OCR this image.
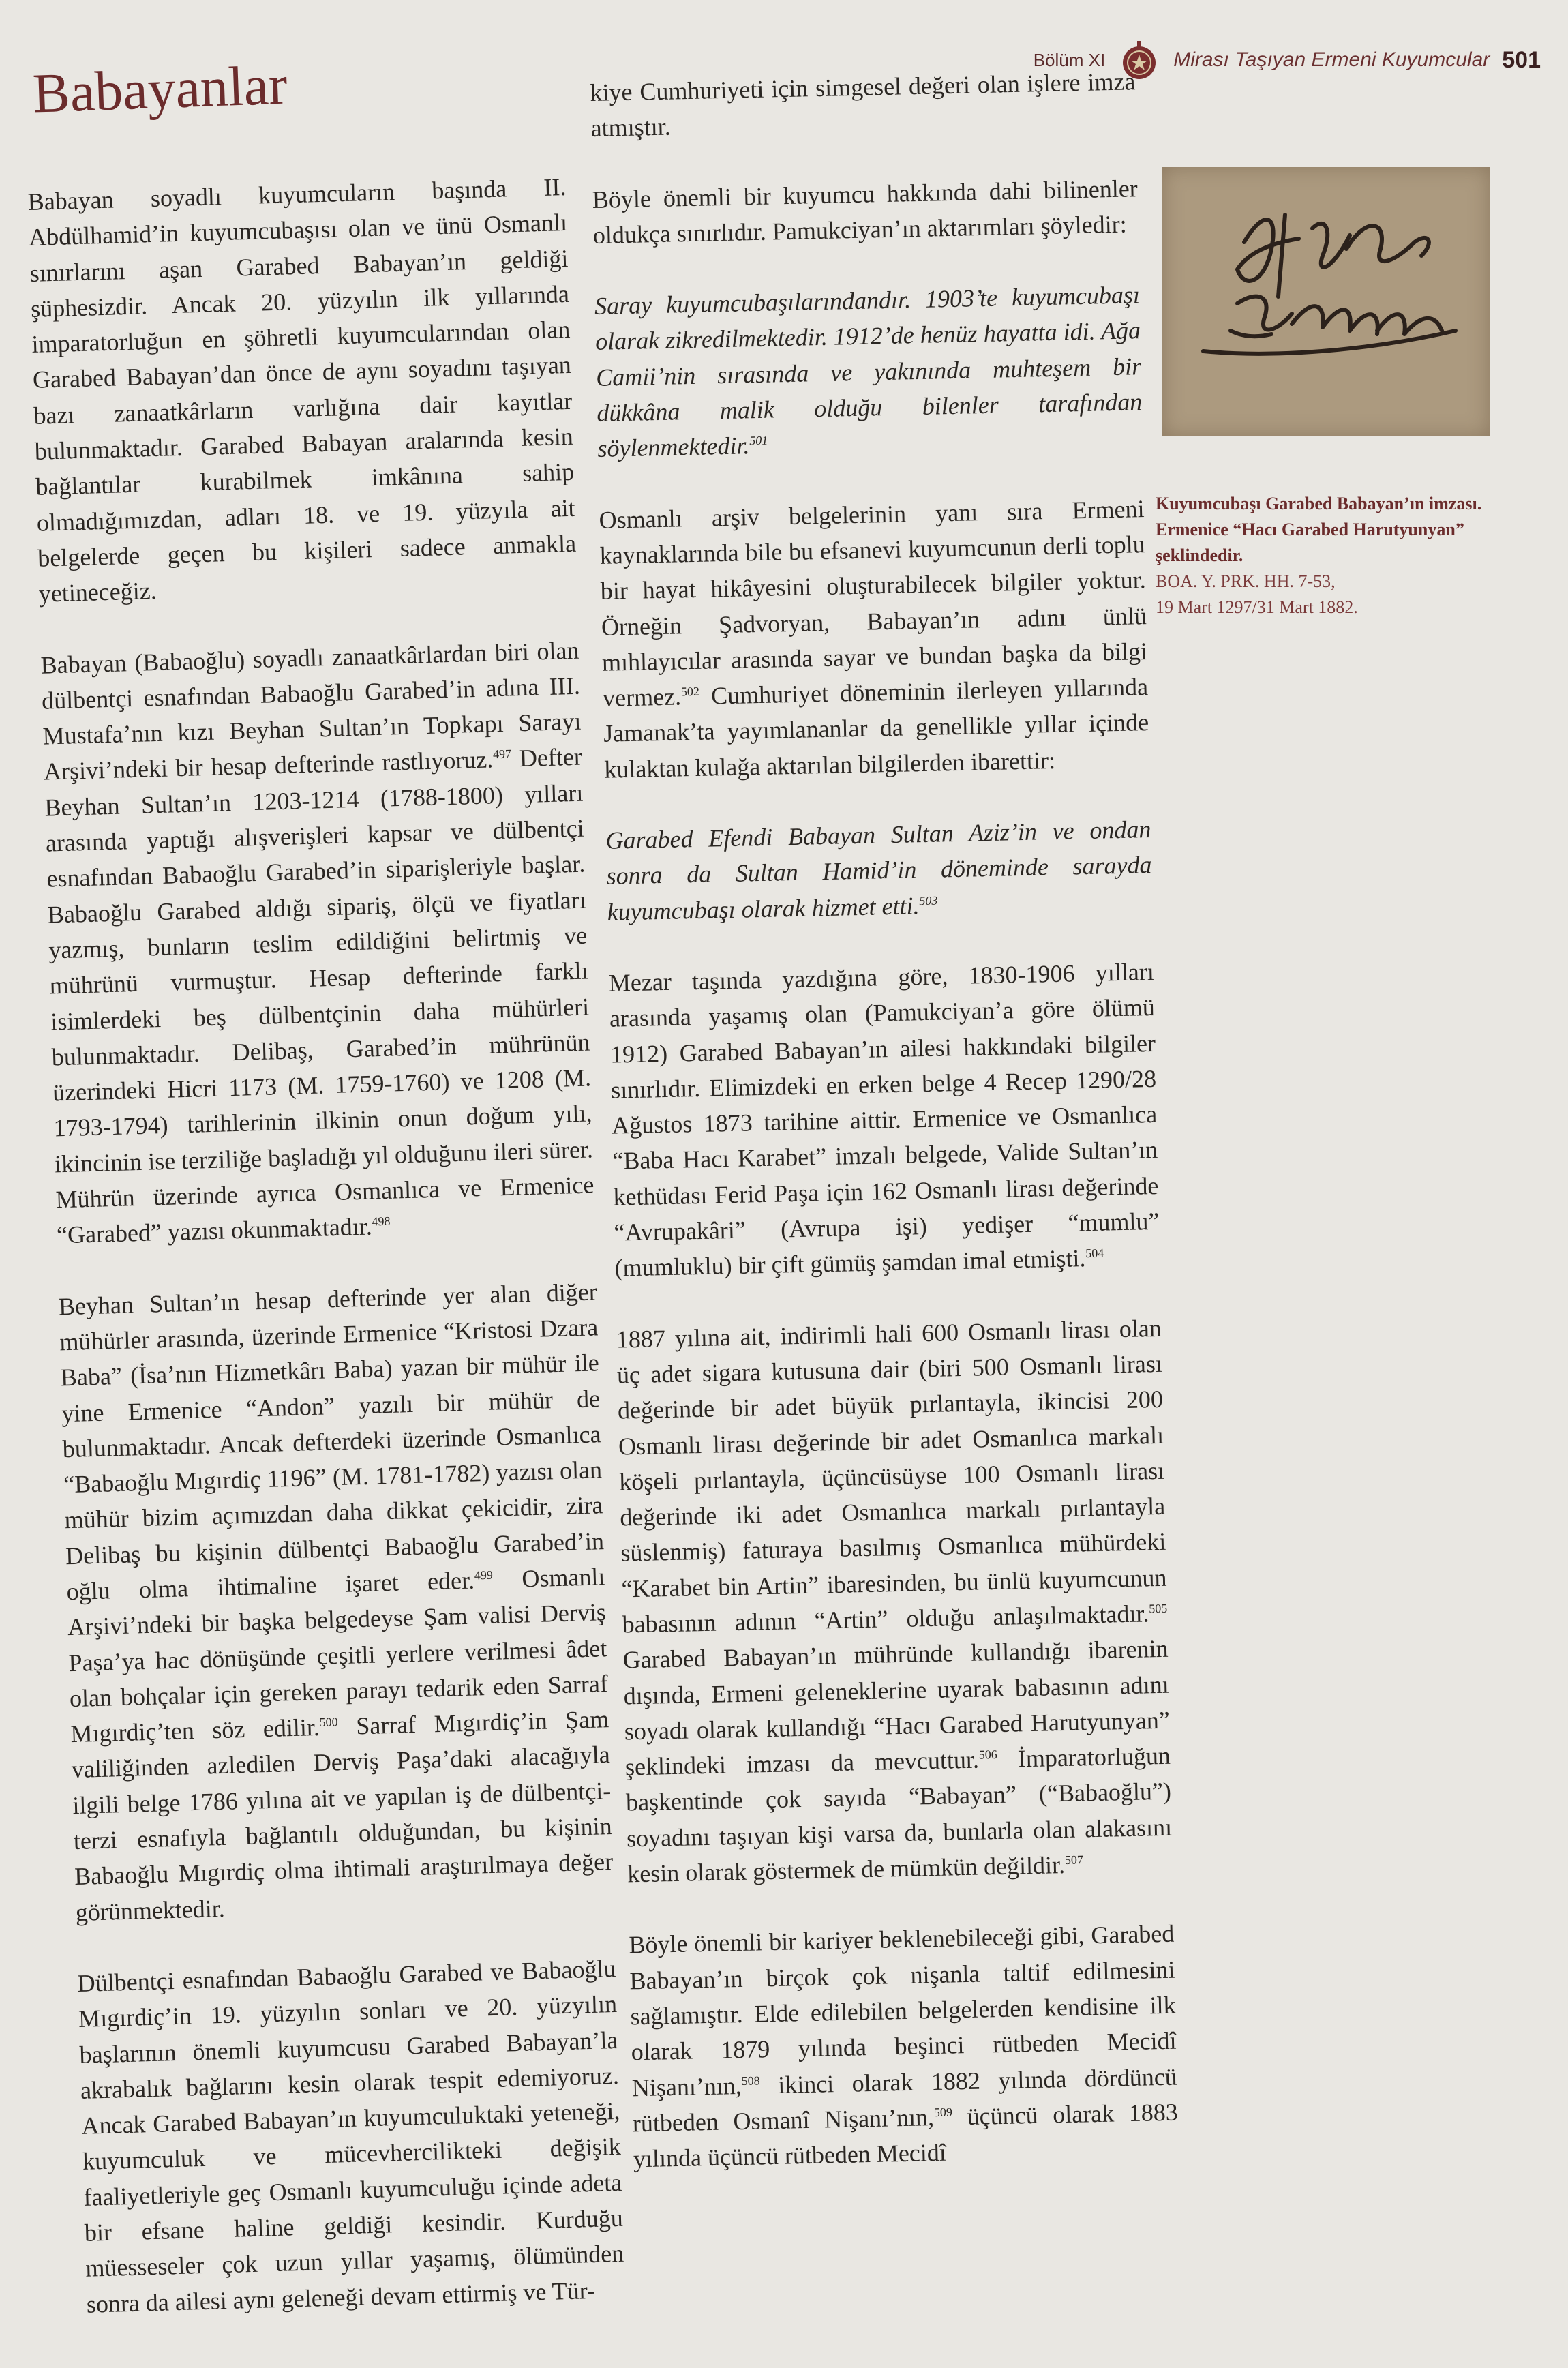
Bölüm XI	Mirası Taşıyan Ermeni Kuyumcular 501
Babayanlar

Babayan soyadlı kuyumcuların başında II. Abdülhamid’in kuyumcubaşısı olan ve ünü Osmanlı sınırlarını aşan Garabed Babayan’ın geldiği şüphesizdir. Ancak 20. yüzyılın ilk yıllarında imparatorluğun en şöhretli kuyumcularından olan Garabed Babayan’dan önce de aynı soyadını taşıyan bazı zanaatkârların varlığına dair kayıtlar bulunmaktadır. Garabed Babayan aralarında kesin bağlantılar kurabilmek imkânına sahip olmadığımızdan, adları 18. ve 19. yüzyıla ait belgelerde geçen bu kişileri sadece anmakla yetineceğiz.

Babayan (Babaoğlu) soyadlı zanaatkârlardan biri olan dülbentçi esnafından Babaoğlu Garabed’in adına III. Mustafa’nın kızı Beyhan Sultan’ın Topkapı Sarayı Arşivi’ndeki bir hesap defterinde rastlıyoruz.$^{497}$ Defter Beyhan Sultan’ın 1203-1214 (1788-1800) yılları arasında yaptığı alışverişleri kapsar ve dülbentçi esnafından Babaoğlu Garabed’in siparişleriyle başlar. Babaoğlu Garabed aldığı sipariş, ölçü ve fiyatları yazmış, bunların teslim edildiğini belirtmiş ve mührünü vurmuştur. Hesap defterinde farklı isimlerdeki beş dülbentçinin daha mühürleri bulunmaktadır. Delibaş, Garabed’in mührünün üzerindeki Hicri 1173 (M. 1759-1760) ve 1208 (M. 1793-1794) tarihlerinin ilkinin onun doğum yılı, ikincinin ise terziliğe başladığı yıl olduğunu ileri sürer. Mührün üzerinde ayrıca Osmanlıca ve Ermenice “Garabed” yazısı okunmaktadır.$^{498}$

Beyhan Sultan’ın hesap defterinde yer alan diğer mühürler arasında, üzerinde Ermenice “Kristosi Dzara Baba” (İsa’nın Hizmetkârı Baba) yazan bir mühür ile yine Ermenice “Andon” yazılı bir mühür de bulunmaktadır. Ancak defterdeki üzerinde Osmanlıca “Babaoğlu Mıgırdiç 1196” (M. 1781-1782) yazısı olan mühür bizim açımızdan daha dikkat çekicidir, zira Delibaş bu kişinin dülbentçi Babaoğlu Garabed’in oğlu olma ihtimaline işaret eder.$^{499}$ Osmanlı Arşivi’ndeki bir başka belgedeyse Şam valisi Derviş Paşa’ya hac dönüşünde çeşitli yerlere verilmesi âdet olan bohçalar için gereken parayı tedarik eden Sarraf Mıgırdiç’ten söz edilir.$^{500}$ Sarraf Mıgırdiç’in Şam valiliğinden azledilen Derviş Paşa’daki alacağıyla ilgili belge 1786 yılına ait ve yapılan iş de dülbentçi-terzi esnafıyla bağlantılı olduğundan, bu kişinin Babaoğlu Mıgırdiç olma ihtimali araştırılmaya değer görünmektedir.

Dülbentçi esnafından Babaoğlu Garabed ve Babaoğlu Mıgırdiç’in 19. yüzyılın sonları ve 20. yüzyılın başlarının önemli kuyumcusu Garabed Babayan’la akrabalık bağlarını kesin olarak tespit edemiyoruz. Ancak Garabed Babayan’ın kuyumculuktaki yeteneği, kuyumculuk ve mücevhercilikteki değişik faaliyetleriyle geç Osmanlı kuyumculuğu içinde adeta bir efsane haline geldiği kesindir. Kurduğu müesseseler çok uzun yıllar yaşamış, ölümünden sonra da ailesi aynı geleneği devam ettirmiş ve Tür-

kiye Cumhuriyeti için simgesel değeri olan işlere imza atmıştır.

Böyle önemli bir kuyumcu hakkında dahi bilinenler oldukça sınırlıdır. Pamukciyan’ın aktarımları şöyledir:

Saray kuyumcubaşılarındandır. 1903’te kuyumcubaşı olarak zikredilmektedir. 1912’de henüz hayatta idi. Ağa Camii’nin sırasında ve yakınında muhteşem bir dükkâna malik olduğu bilenler tarafından söylenmektedir.$^{501}$

Osmanlı arşiv belgelerinin yanı sıra Ermeni kaynaklarında bile bu efsanevi kuyumcunun derli toplu bir hayat hikâyesini oluşturabilecek bilgiler yoktur. Örneğin Şadvoryan, Babayan’ın adını ünlü mıhlayıcılar arasında sayar ve bundan başka da bilgi vermez.$^{502}$ Cumhuriyet döneminin ilerleyen yıllarında Jamanak’ta yayımlananlar da genellikle yıllar içinde kulaktan kulağa aktarılan bilgilerden ibarettir:

Garabed Efendi Babayan Sultan Aziz’in ve ondan sonra da Sultan Hamid’in döneminde sarayda kuyumcubaşı olarak hizmet etti.$^{503}$

Mezar taşında yazdığına göre, 1830-1906 yılları arasında yaşamış olan (Pamukciyan’a göre ölümü 1912) Garabed Babayan’ın ailesi hakkındaki bilgiler sınırlıdır. Elimizdeki en erken belge 4 Recep 1290/28 Ağustos 1873 tarihine aittir. Ermenice ve Osmanlıca “Baba Hacı Karabet” imzalı belgede, Valide Sultan’ın kethüdası Ferid Paşa için 162 Osmanlı lirası değerinde “Avrupakâri” (Avrupa işi) yedişer “mumlu” (mumluklu) bir çift gümüş şamdan imal etmişti.$^{504}$

1887 yılına ait, indirimli hali 600 Osmanlı lirası olan üç adet sigara kutusuna dair (biri 500 Osmanlı lirası değerinde bir adet büyük pırlantayla, ikincisi 200 Osmanlı lirası değerinde bir adet Osmanlıca markalı köşeli pırlantayla, üçüncüsüyse 100 Osmanlı lirası değerinde iki adet Osmanlıca markalı pırlantayla süslenmiş) faturaya basılmış Osmanlıca mühürdeki “Karabet bin Artin” ibaresinden, bu ünlü kuyumcunun babasının adının “Artin” olduğu anlaşılmaktadır.$^{505}$ Garabed Babayan’ın mühründe kullandığı ibarenin dışında, Ermeni geleneklerine uyarak babasının adını soyadı olarak kullandığı “Hacı Garabed Harutyunyan” şeklindeki imzası da mevcuttur.$^{506}$ İmparatorluğun başkentinde çok sayıda “Babayan” (“Babaoğlu”) soyadını taşıyan kişi varsa da, bunlarla olan alakasını kesin olarak göstermek de mümkün değildir.$^{507}$

Böyle önemli bir kariyer beklenebileceği gibi, Garabed Babayan’ın birçok çok nişanla taltif edilmesini sağlamıştır. Elde edilebilen belgelerden kendisine ilk olarak 1879 yılında beşinci rütbeden Mecidî Nişanı’nın,$^{508}$ ikinci olarak 1882 yılında dördüncü rütbeden Osmanî Nişanı’nın,$^{509}$ üçüncü olarak 1883 yılında üçüncü rütbeden Mecidî

Kuyumcubaşı Garabed Babayan’ın imzası. Ermenice “Hacı Garabed Harutyunyan” şeklindedir.
BOA. Y. PRK. HH. 7-53,
19 Mart 1297/31 Mart 1882.
